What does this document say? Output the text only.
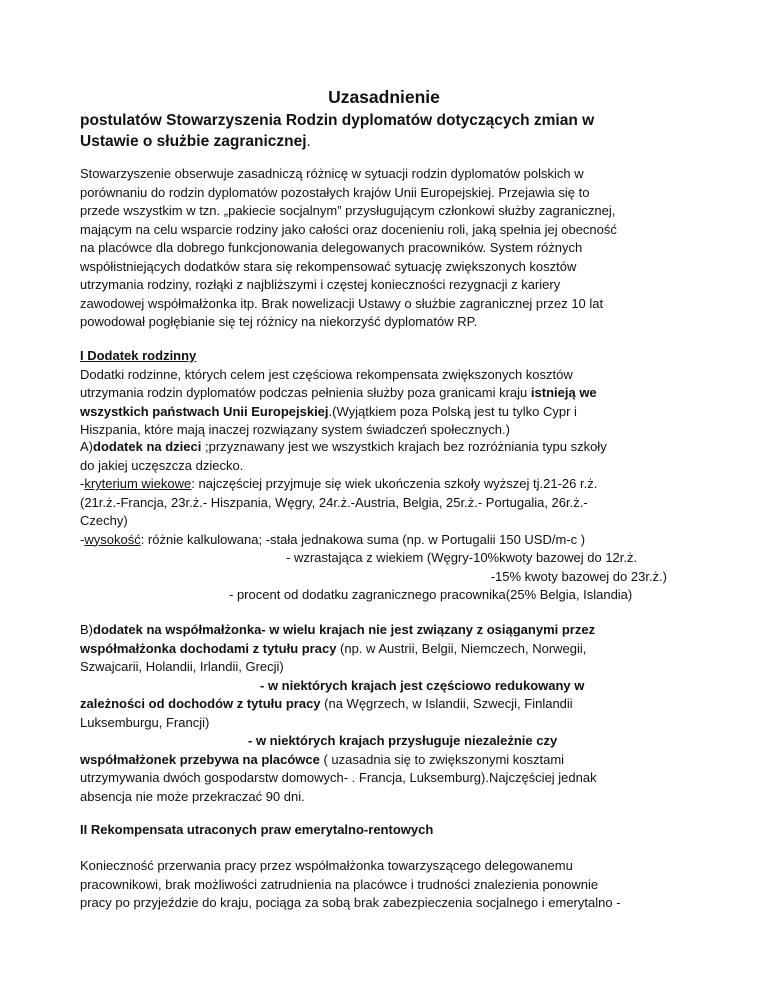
Uzasadnienie
postulatów Stowarzyszenia Rodzin dyplomatów dotyczących zmian w
Ustawie o służbie zagranicznej.
Stowarzyszenie obserwuje zasadniczą różnicę w sytuacji rodzin dyplomatów polskich w
porównaniu do rodzin dyplomatów pozostałych krajów Unii Europejskiej. Przejawia się to
przede wszystkim w tzn. „pakiecie socjalnym” przysługującym członkowi służby zagranicznej,
mającym na celu wsparcie rodziny jako całości oraz docenieniu roli, jaką spełnia jej obecność
na placówce dla dobrego funkcjonowania delegowanych pracowników. System różnych
współistniejących dodatków stara się rekompensować sytuację zwiększonych kosztów
utrzymania rodziny, rozłąki z najbliższymi i częstej konieczności rezygnacji z kariery
zawodowej współmałżonka itp. Brak nowelizacji Ustawy o służbie zagranicznej przez 10 lat
powodował pogłębianie się tej różnicy na niekorzyść dyplomatów RP.
I Dodatek rodzinny
Dodatki rodzinne, których celem jest częściowa rekompensata zwiększonych kosztów
utrzymania rodzin dyplomatów podczas pełnienia służby poza granicami kraju istnieją we
wszystkich państwach Unii Europejskiej.(Wyjątkiem poza Polską jest tu tylko Cypr i
Hiszpania, które mają inaczej rozwiązany system świadczeń społecznych.)
A)dodatek na dzieci ;przyznawany jest we wszystkich krajach bez rozróżniania typu szkoły
do jakiej uczęszcza dziecko.
-kryterium wiekowe: najczęściej przyjmuje się wiek ukończenia szkoły wyższej tj.21-26 r.ż.
(21r.ż.-Francja, 23r.ż.- Hiszpania, Węgry, 24r.ż.-Austria, Belgia, 25r.ż.- Portugalia, 26r.ż.-
Czechy)
-wysokość: różnie kalkulowana; -stała jednakowa suma (np. w Portugalii 150 USD/m-c )
- wzrastająca z wiekiem (Węgry-10%kwoty bazowej do 12r.ż.
-15% kwoty bazowej do 23r.ż.)
- procent od dodatku zagranicznego pracownika(25% Belgia, Islandia)
B)dodatek na współmałżonka- w wielu krajach nie jest związany z osiąganymi przez
współmałżonka dochodami z tytułu pracy (np. w Austrii, Belgii, Niemczech, Norwegii,
Szwajcarii, Holandii, Irlandii, Grecji)
- w niektórych krajach jest częściowo redukowany w
zależności od dochodów z tytułu pracy (na Węgrzech, w Islandii, Szwecji, Finlandii
Luksemburgu, Francji)
- w niektórych krajach przysługuje niezależnie czy
współmałżonek przebywa na placówce ( uzasadnia się to zwiększonymi kosztami
utrzymywania dwóch gospodarstw domowych- . Francja, Luksemburg).Najczęściej jednak
absencja nie może przekraczać 90 dni.
II Rekompensata utraconych praw emerytalno-rentowych
Konieczność przerwania pracy przez współmałżonka towarzyszącego delegowanemu
pracownikowi, brak możliwości zatrudnienia na placówce i trudności znalezienia ponownie
pracy po przyjeździe do kraju, pociąga za sobą brak zabezpieczenia socjalnego i emerytalno -
